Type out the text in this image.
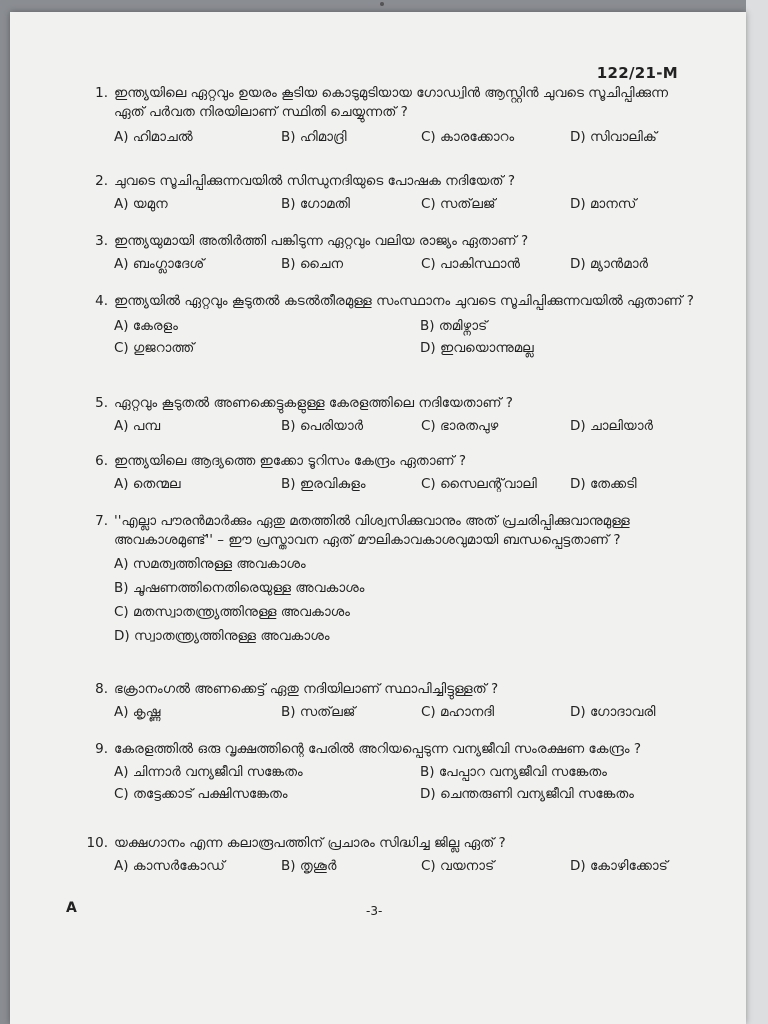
122/21-M
1. ഇന്ത്യയിലെ ഏറ്റവും ഉയരം കൂടിയ കൊടുമുടിയായ ഗോഡ്വിൻ ആസ്റ്റിൻ ചുവടെ സൂചിപ്പിക്കുന്ന ഏത് പർവത നിരയിലാണ് സ്ഥിതി ചെയ്യുന്നത് ?
A) ഹിമാചൽ	B) ഹിമാദ്രി	C) കാരക്കോറം	D) സിവാലിക്
2. ചുവടെ സൂചിപ്പിക്കുന്നവയിൽ സിന്ധുനദിയുടെ പോഷക നദിയേത് ?
A) യമുന	B) ഗോമതി	C) സത്‌ലജ്	D) മാനസ്
3. ഇന്ത്യയുമായി അതിർത്തി പങ്കിടുന്ന ഏറ്റവും വലിയ രാജ്യം ഏതാണ് ?
A) ബംഗ്ലാദേശ്	B) ചൈന	C) പാകിസ്ഥാൻ	D) മ്യാൻമാർ
4. ഇന്ത്യയിൽ ഏറ്റവും കൂടുതൽ കടൽതീരമുള്ള സംസ്ഥാനം ചുവടെ സൂചിപ്പിക്കുന്നവയിൽ ഏതാണ് ?
A) കേരളം	B) തമിഴ്നാട്
C) ഗുജറാത്ത്	D) ഇവയൊന്നുമല്ല
5. ഏറ്റവും കൂടുതൽ അണക്കെട്ടുകളുള്ള കേരളത്തിലെ നദിയേതാണ് ?
A) പമ്പ	B) പെരിയാർ	C) ഭാരതപുഴ	D) ചാലിയാർ
6. ഇന്ത്യയിലെ ആദ്യത്തെ ഇക്കോ ടൂറിസം കേന്ദ്രം ഏതാണ് ?
A) തെന്മല	B) ഇരവികുളം	C) സൈലന്റ്‌വാലി D) തേക്കടി
7. ''എല്ലാ പൗരൻമാർക്കും ഏതു മതത്തിൽ വിശ്വസിക്കുവാനും അത് പ്രചരിപ്പിക്കുവാനുമുള്ള അവകാശമുണ്ട്'' – ഈ പ്രസ്താവന ഏത് മൗലികാവകാശവുമായി ബന്ധപ്പെട്ടതാണ് ?
A) സമത്വത്തിനുള്ള അവകാശം
B) ചൂഷണത്തിനെതിരെയുള്ള അവകാശം
C) മതസ്വാതന്ത്ര്യത്തിനുള്ള അവകാശം
D) സ്വാതന്ത്ര്യത്തിനുള്ള അവകാശം
8. ഭക്രാനംഗൽ അണക്കെട്ട് ഏതു നദിയിലാണ് സ്ഥാപിച്ചിട്ടുള്ളത് ?
A) കൃഷ്ണ	B) സത്‌ലജ്	C) മഹാനദി	D) ഗോദാവരി
9. കേരളത്തിൽ ഒരു വൃക്ഷത്തിന്റെ പേരിൽ അറിയപ്പെടുന്ന വന്യജീവി സംരക്ഷണ കേന്ദ്രം ?
A) ചിന്നാർ വന്യജീവി സങ്കേതം	B) പേപ്പാറ വന്യജീവി സങ്കേതം
C) തട്ടേക്കാട് പക്ഷിസങ്കേതം	D) ചെന്തരുണി വന്യജീവി സങ്കേതം
10. യക്ഷഗാനം എന്ന കലാരൂപത്തിന് പ്രചാരം സിദ്ധിച്ച ജില്ല ഏത് ?
A) കാസർകോഡ്	B) തൃശൂർ	C) വയനാട്	D) കോഴിക്കോട്
A	-3-
